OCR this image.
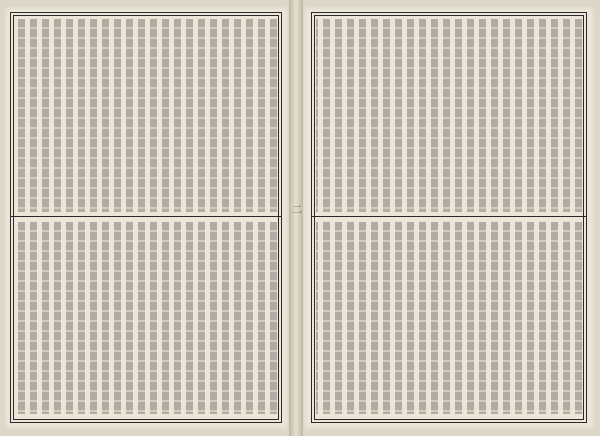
二
